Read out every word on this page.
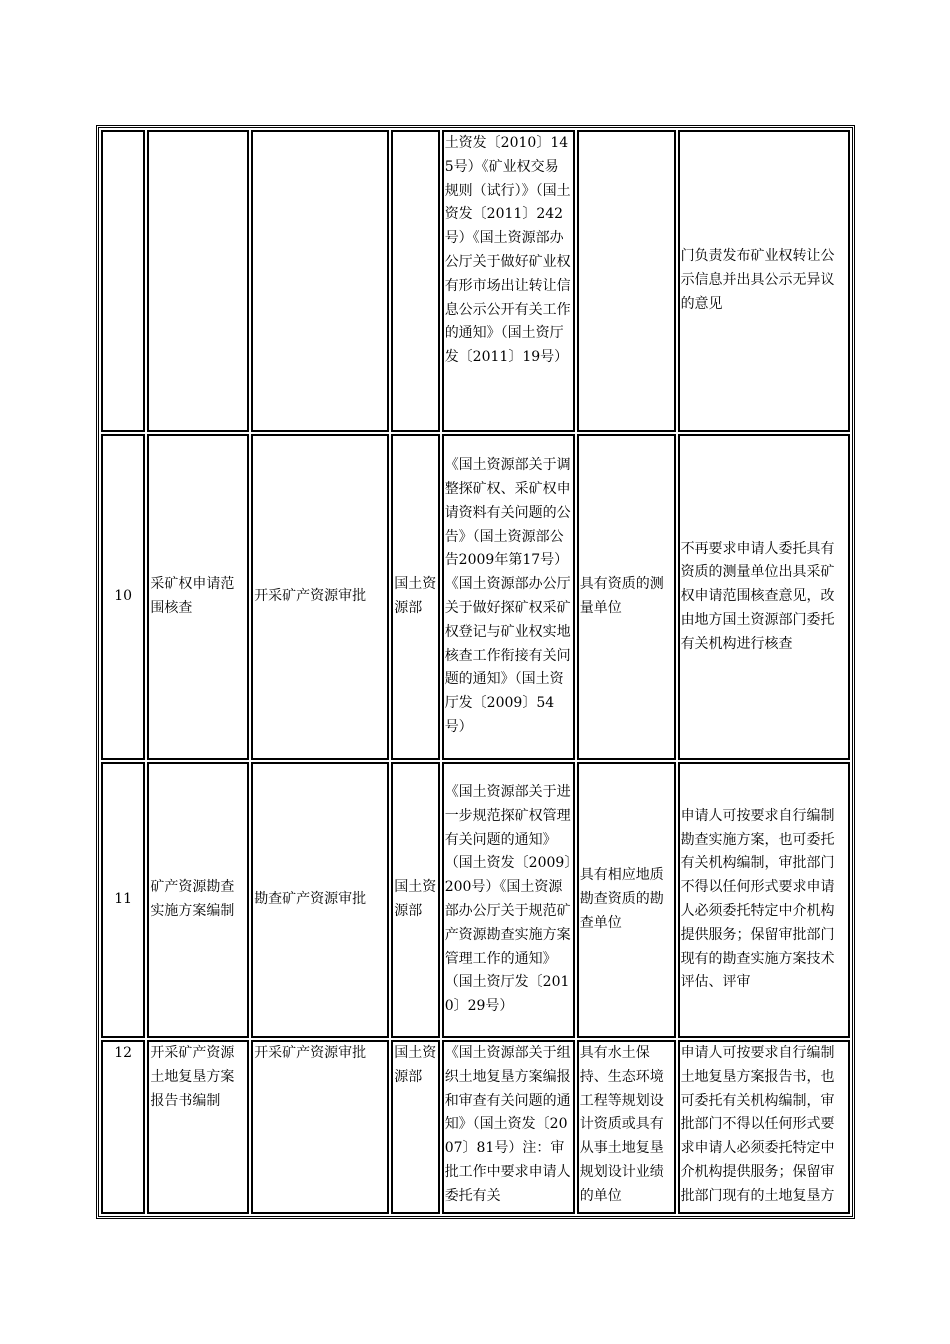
				土资发〔2010〕145号）《矿业权交易规则（试行）》（国土资发〔2011〕242号）《国土资源部办公厅关于做好矿业权有形市场出让转让信息公示公开有关工作的通知》（国土资厅发〔2011〕19号）		门负责发布矿业权转让公示信息并出具公示无异议的意见
10	采矿权申请范围核查	开采矿产资源审批	国土资源部	《国土资源部关于调整探矿权、采矿权申请资料有关问题的公告》（国土资源部公告2009年第17号）《国土资源部办公厅关于做好探矿权采矿权登记与矿业权实地核查工作衔接有关问题的通知》（国土资厅发〔2009〕54号）	具有资质的测量单位	不再要求申请人委托具有资质的测量单位出具采矿权申请范围核查意见，改由地方国土资源部门委托有关机构进行核查
11	矿产资源勘查实施方案编制	勘查矿产资源审批	国土资源部	《国土资源部关于进一步规范探矿权管理有关问题的通知》（国土资发〔2009〕200号）《国土资源部办公厅关于规范矿产资源勘查实施方案管理工作的通知》（国土资厅发〔2010〕29号）	具有相应地质勘查资质的勘查单位	申请人可按要求自行编制勘查实施方案，也可委托有关机构编制，审批部门不得以任何形式要求申请人必须委托特定中介机构提供服务；保留审批部门现有的勘查实施方案技术评估、评审
12	开采矿产资源土地复垦方案报告书编制	开采矿产资源审批	国土资源部	《国土资源部关于组织土地复垦方案编报和审查有关问题的通知》（国土资发〔2007〕81号）注：审批工作中要求申请人委托有关	具有水土保持、生态环境工程等规划设计资质或具有从事土地复垦规划设计业绩的单位	申请人可按要求自行编制土地复垦方案报告书，也可委托有关机构编制，审批部门不得以任何形式要求申请人必须委托特定中介机构提供服务；保留审批部门现有的土地复垦方
